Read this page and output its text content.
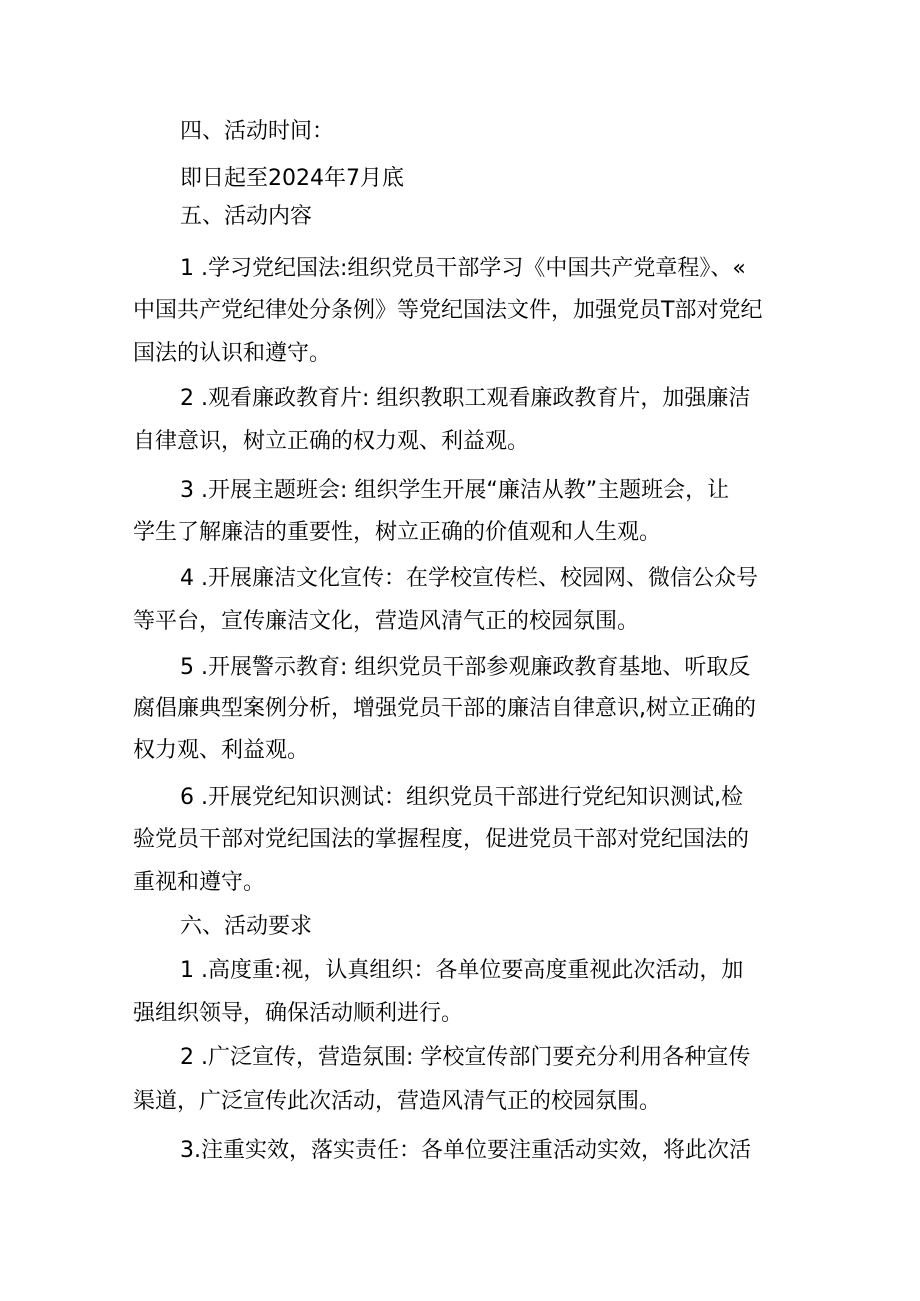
四、活动时间：
即日起至2024年7月底
五、活动内容
1 .学习党纪国法:组织党员干部学习《中国共产党章程》、«
中国共产党纪律处分条例》等党纪国法文件，加强党员T部对党纪
国法的认识和遵守。
2 .观看廉政教育片: 组织教职工观看廉政教育片，加强廉洁
自律意识，树立正确的权力观、利益观。
3 .开展主题班会: 组织学生开展“廉洁从教”主题班会，让
学生了解廉洁的重要性，树立正确的价值观和人生观。
4 .开展廉洁文化宣传：在学校宣传栏、校园网、微信公众号
等平台，宣传廉洁文化，营造风清气正的校园氛围。
5 .开展警示教育: 组织党员干部参观廉政教育基地、听取反
腐倡廉典型案例分析，增强党员干部的廉洁自律意识,树立正确的
权力观、利益观。
6 .开展党纪知识测试：组织党员干部进行党纪知识测试,检
验党员干部对党纪国法的掌握程度，促进党员干部对党纪国法的
重视和遵守。
六、活动要求
1 .高度重:视，认真组织：各单位要高度重视此次活动，加
强组织领导，确保活动顺利进行。
2 .广泛宣传，营造氛围: 学校宣传部门要充分利用各种宣传
渠道，广泛宣传此次活动，营造风清气正的校园氛围。
3.注重实效，落实责任：各单位要注重活动实效，将此次活
